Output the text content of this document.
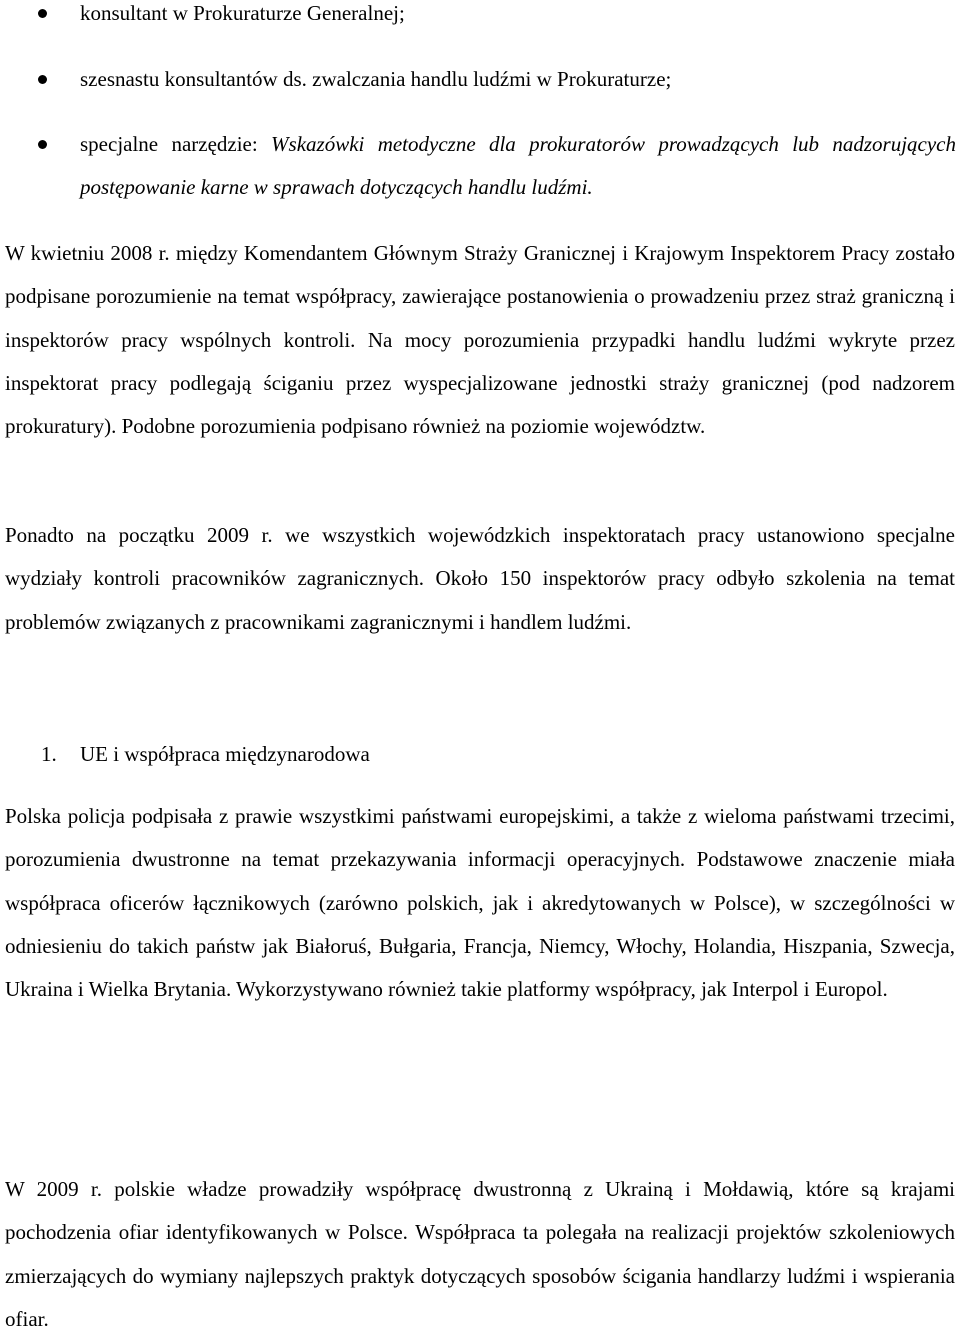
konsultant w Prokuraturze Generalnej;
szesnastu konsultantów ds. zwalczania handlu ludźmi w Prokuraturze;
specjalne narzędzie: Wskazówki metodyczne dla prokuratorów prowadzących lub nadzorujących postępowanie karne w sprawach dotyczących handlu ludźmi.

W kwietniu 2008 r. między Komendantem Głównym Straży Granicznej i Krajowym Inspektorem Pracy zostało podpisane porozumienie na temat współpracy, zawierające postanowienia o prowadzeniu przez straż graniczną i inspektorów pracy wspólnych kontroli. Na mocy porozumienia przypadki handlu ludźmi wykryte przez inspektorat pracy podlegają ściganiu przez wyspecjalizowane jednostki straży granicznej (pod nadzorem prokuratury). Podobne porozumienia podpisano również na poziomie województw.

Ponadto na początku 2009 r. we wszystkich wojewódzkich inspektoratach pracy ustanowiono specjalne wydziały kontroli pracowników zagranicznych. Około 150 inspektorów pracy odbyło szkolenia na temat problemów związanych z pracownikami zagranicznymi i handlem ludźmi.

1. UE i współpraca międzynarodowa

Polska policja podpisała z prawie wszystkimi państwami europejskimi, a także z wieloma państwami trzecimi, porozumienia dwustronne na temat przekazywania informacji operacyjnych. Podstawowe znaczenie miała współpraca oficerów łącznikowych (zarówno polskich, jak i akredytowanych w Polsce), w szczególności w odniesieniu do takich państw jak Białoruś, Bułgaria, Francja, Niemcy, Włochy, Holandia, Hiszpania, Szwecja, Ukraina i Wielka Brytania. Wykorzystywano również takie platformy współpracy, jak Interpol i Europol.

W 2009 r. polskie władze prowadziły współpracę dwustronną z Ukrainą i Mołdawią, które są krajami pochodzenia ofiar identyfikowanych w Polsce. Współpraca ta polegała na realizacji projektów szkoleniowych zmierzających do wymiany najlepszych praktyk dotyczących sposobów ścigania handlarzy ludźmi i wspierania ofiar.
